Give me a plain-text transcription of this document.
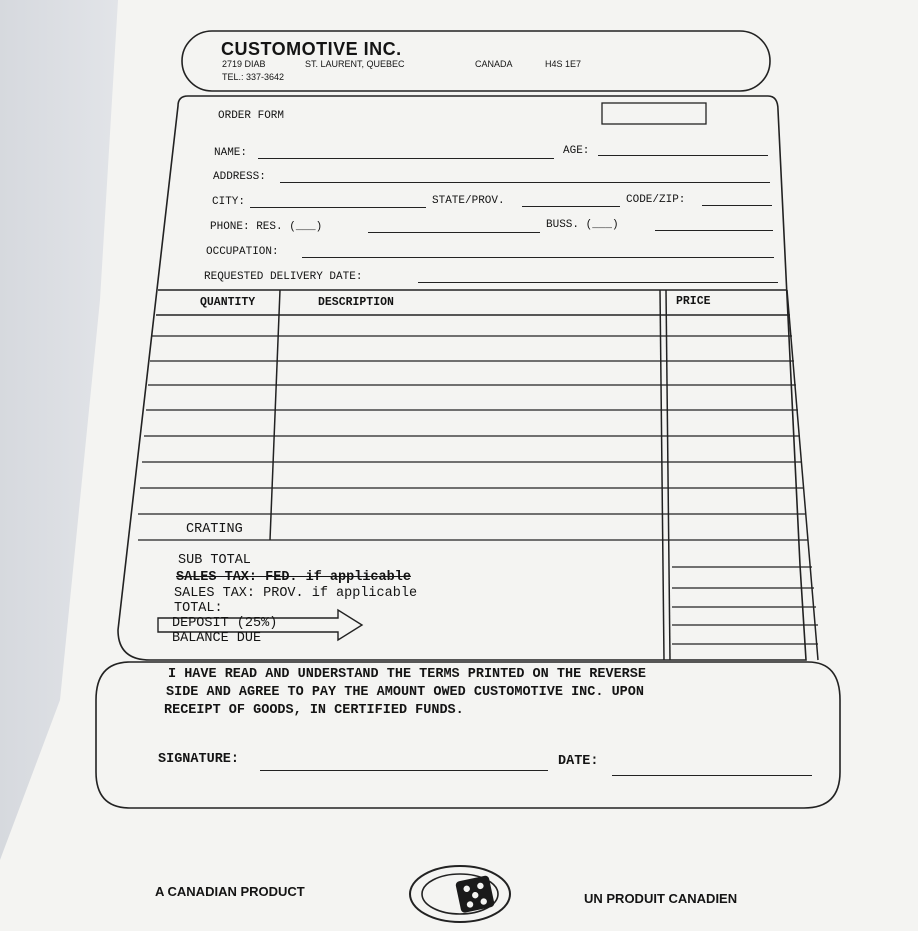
CUSTOMOTIVE INC.
2719 DIAB	ST. LAURENT, QUEBEC	CANADA	H4S 1E7
TEL.: 337-3642
ORDER FORM
NAME:	AGE:
ADDRESS:
CITY:	STATE/PROV.	CODE/ZIP:
PHONE: RES. (___)	BUSS. (___)
OCCUPATION:
REQUESTED DELIVERY DATE:
QUANTITY	DESCRIPTION	PRICE
CRATING
SUB TOTAL
SALES TAX: FED. if applicable
SALES TAX: PROV. if applicable
TOTAL:
DEPOSIT (25%)
BALANCE DUE
I HAVE READ AND UNDERSTAND THE TERMS PRINTED ON THE REVERSE
SIDE AND AGREE TO PAY THE AMOUNT OWED CUSTOMOTIVE INC. UPON
RECEIPT OF GOODS, IN CERTIFIED FUNDS.
SIGNATURE:	DATE:
A CANADIAN PRODUCT	UN PRODUIT CANADIEN
